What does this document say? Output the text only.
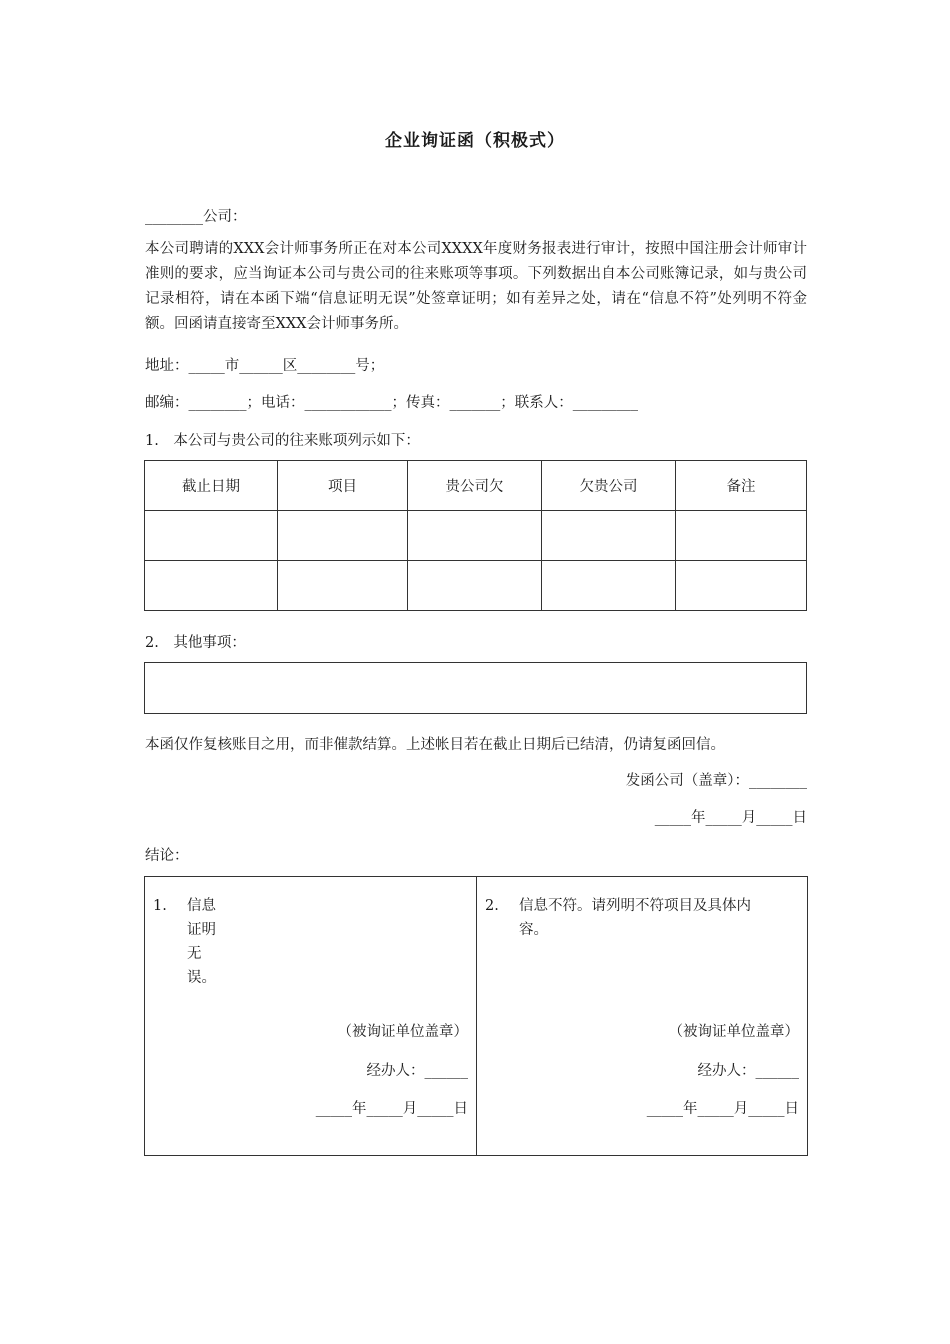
企业询证函（积极式）
________公司：
本公司聘请的XXX会计师事务所正在对本公司XXXX年度财务报表进行审计，按照中国注册会计师审计准则的要求，应当询证本公司与贵公司的往来账项等事项。下列数据出自本公司账簿记录，如与贵公司记录相符，请在本函下端“信息证明无误”处签章证明；如有差异之处，请在“信息不符”处列明不符金额。回函请直接寄至XXX会计师事务所。
地址：_____市______区________号；
邮编：________；电话：____________；传真：_______；联系人：_________
1.　本公司与贵公司的往来账项列示如下：
截止日期	项目	贵公司欠	欠贵公司	备注

2.　其他事项：
本函仅作复核账目之用，而非催款结算。上述帐目若在截止日期后已结清，仍请复函回信。
发函公司（盖章）：________
_____年_____月_____日
结论：
1. 信息证明无误。
（被询证单位盖章）
经办人：______
_____年_____月_____日
2. 信息不符。请列明不符项目及具体内
容。
（被询证单位盖章）
经办人：______
_____年_____月_____日
